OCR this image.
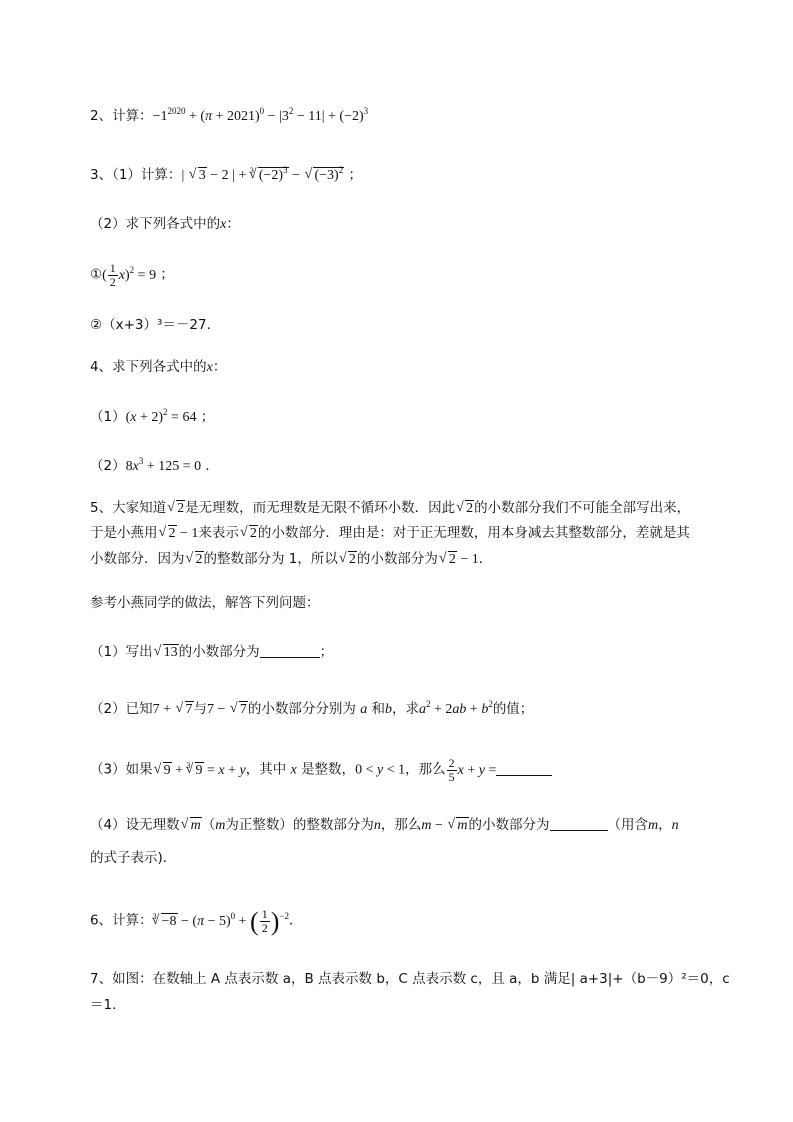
2、计算：$-1^{2020} + (\pi + 2021)^0 - |3^2 - 11| + (-2)^3$
3、（1）计算：| √ 3 − 2 | + $^3$√ $(-2)^3$ − √ $(-3)^2$ ；
（2）求下列各式中的x：
①( $\frac{1}{2} x)^2 = 9$ ；
②（x+3）³＝－27．
4、求下列各式中的x：
$(1)(x + 2)^2 = 64$ ；
$(2)8x^3 + 125 = 0$ ．
5、大家知道√ 2是无理数，而无理数是无限不循环小数．因此√ 2的小数部分我们不可能全部写出来，
于是小燕用√ 2 − 1来表示√ 2的小数部分．理由是：对于正无理数，用本身减去其整数部分，差就是其
小数部分．因为√ 2的整数部分为 1，所以√ 2的小数部分为√ 2 − 1．
参考小燕同学的做法，解答下列问题：
（1）写出√ 13的小数部分为	；
（2）已知7 + √ 7与7 − √ 7的小数部分分别为 a 和b，求$a^2 + 2ab + b^2$的值；
（3）如果√ 9 + $^3$√ 9 = x + y，其中 x 是整数，0 < y < 1，那么 $\frac{2}{5}$ x + y =
（4）设无理数√ m（m为正整数）的整数部分为n，那么m − √ m的小数部分为	（用含m，n
的式子表示)．
6、计算：$^3√ -8 - (\pi - 5)^0$ + ( $\frac{1}{2} )^{-2}$．
7、如图：在数轴上 A 点表示数 a，B 点表示数 b，C 点表示数 c，且 a，b 满足| a+3|+（b－9）²＝0，c
＝1．
